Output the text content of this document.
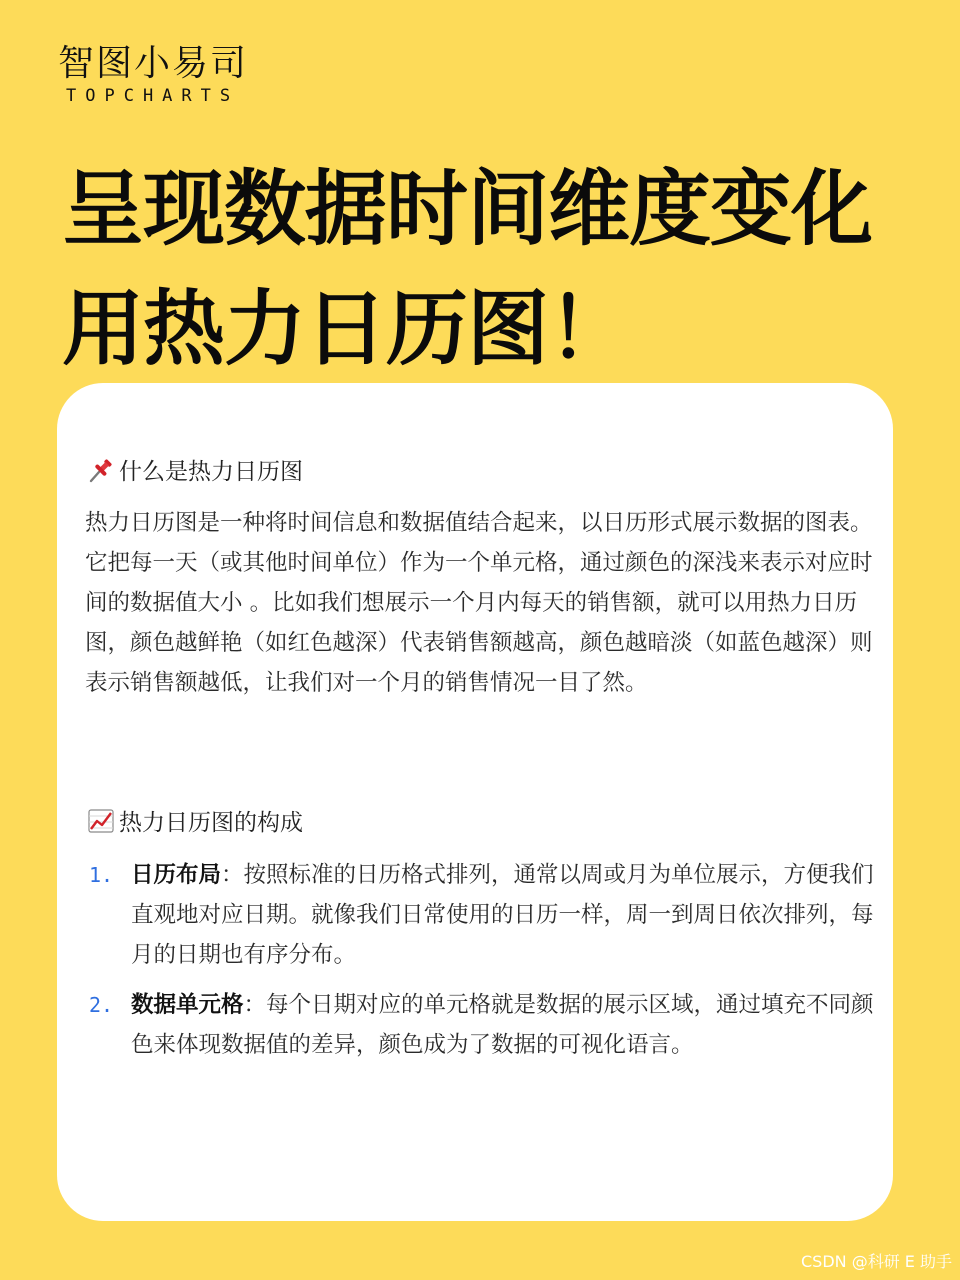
智图小易司
TOPCHARTS
呈现数据时间维度变化
用热力日历图！
什么是热力日历图
热力日历图是一种将时间信息和数据值结合起来，以日历形式展示数据的图表。它把每一天（或其他时间单位）作为一个单元格，通过颜色的深浅来表示对应时间的数据值大小 。比如我们想展示一个月内每天的销售额，就可以用热力日历图，颜色越鲜艳（如红色越深）代表销售额越高，颜色越暗淡（如蓝色越深）则表示销售额越低，让我们对一个月的销售情况一目了然。
热力日历图的构成
1. 日历布局：按照标准的日历格式排列，通常以周或月为单位展示，方便我们直观地对应日期。就像我们日常使用的日历一样，周一到周日依次排列，每月的日期也有序分布。
2. 数据单元格：每个日期对应的单元格就是数据的展示区域，通过填充不同颜色来体现数据值的差异，颜色成为了数据的可视化语言。
CSDN @科研 E 助手
